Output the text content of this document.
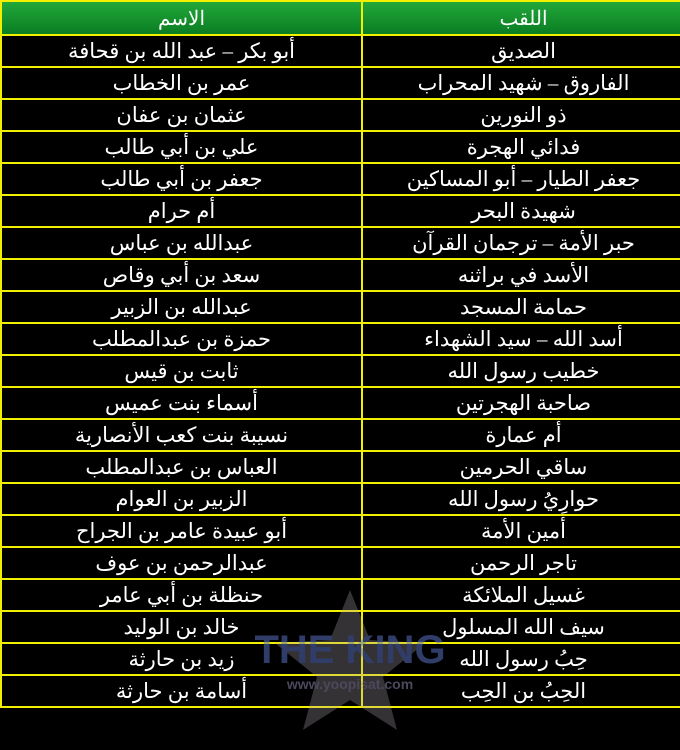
الاسم	اللقب
أبو بكر – عبد الله بن قحافة	الصديق
عمر بن الخطاب	الفاروق – شهيد المحراب
عثمان بن عفان	ذو النورين
علي بن أبي طالب	فدائي الهجرة
جعفر بن أبي طالب	جعفر الطيار – أبو المساكين
أم حرام	شهيدة البحر
عبدالله بن عباس	حبر الأمة – ترجمان القرآن
سعد بن أبي وقاص	الأسد في براثنه
عبدالله بن الزبير	حمامة المسجد
حمزة بن عبدالمطلب	أسد الله – سيد الشهداء
ثابت بن قيس	خطيب رسول الله
أسماء بنت عميس	صاحبة الهجرتين
نسيبة بنت كعب الأنصارية	أم عمارة
العباس بن عبدالمطلب	ساقي الحرمين
الزبير بن العوام	حوارِيُ رسول الله
أبو عبيدة عامر بن الجراح	أمين الأمة
عبدالرحمن بن عوف	تاجر الرحمن
حنظلة بن أبي عامر	غسيل الملائكة
خالد بن الوليد	سيف الله المسلول
زيد بن حارثة	حِبُ رسول الله
أسامة بن حارثة	الحِبُ بن الحِب
THE KING
www.yoopisat.com
